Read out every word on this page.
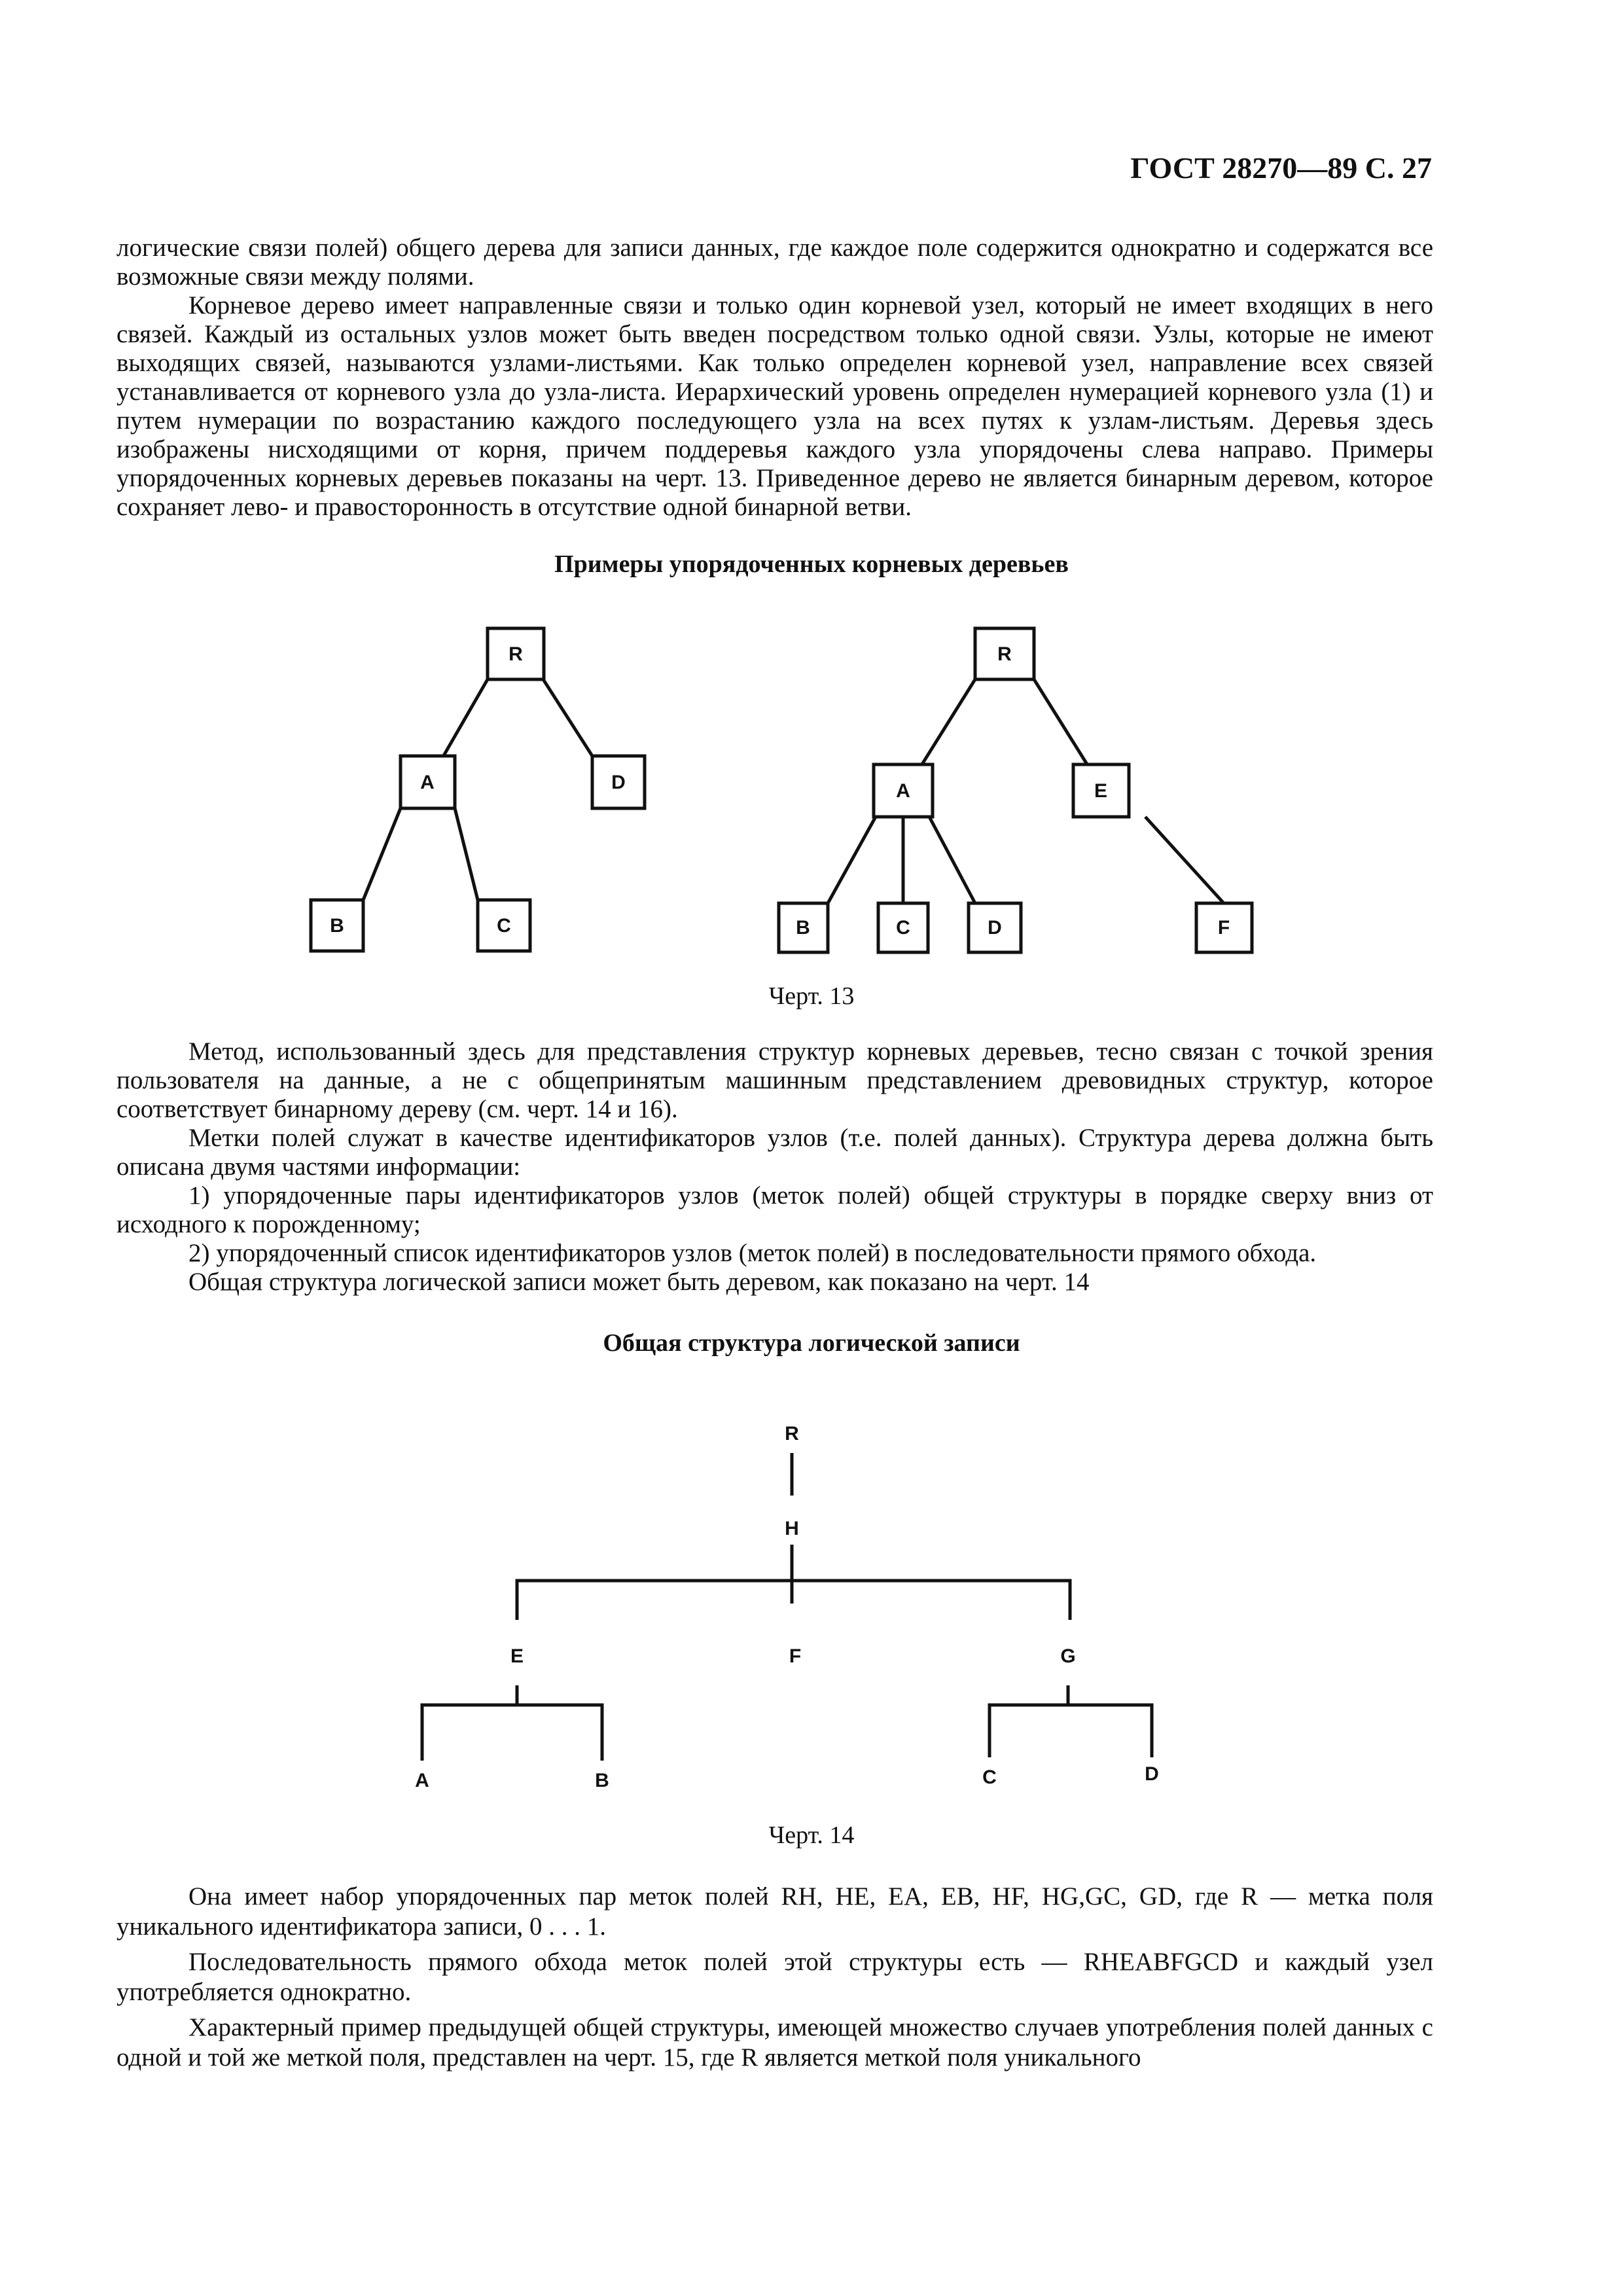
ГОСТ 28270—89 С. 27

логические связи полей) общего дерева для записи данных, где каждое поле содержится однократно и содержатся все возможные связи между полями.

Корневое дерево имеет направленные связи и только один корневой узел, который не имеет входящих в него связей. Каждый из остальных узлов может быть введен посредством только одной связи. Узлы, которые не имеют выходящих связей, называются узлами-листьями. Как только определен корневой узел, направление всех связей устанавливается от корневого узла до узла-листа. Иерархический уровень определен нумерацией корневого узла (1) и путем нумерации по возрастанию каждого последующего узла на всех путях к узлам-листьям. Деревья здесь изображены нисходящими от корня, причем поддеревья каждого узла упорядочены слева направо. Примеры упорядоченных корневых деревьев показаны на черт. 13. Приведенное дерево не является бинарным деревом, которое сохраняет лево- и правосторонность в отсутствие одной бинарной ветви.

Примеры упорядоченных корневых деревьев

R
A	D
B	C
R
A	E
B	C	D	F

Черт. 13

Метод, использованный здесь для представления структур корневых деревьев, тесно связан с точкой зрения пользователя на данные, а не с общепринятым машинным представлением древовидных структур, которое соответствует бинарному дереву (см. черт. 14 и 16).

Метки полей служат в качестве идентификаторов узлов (т.е. полей данных). Структура дерева должна быть описана двумя частями информации:

1) упорядоченные пары идентификаторов узлов (меток полей) общей структуры в порядке сверху вниз от исходного к порожденному;

2) упорядоченный список идентификаторов узлов (меток полей) в последовательности прямого обхода.

Общая структура логической записи может быть деревом, как показано на черт. 14

Общая структура логической записи

R
H
E	F	G
A	B	C	D

Черт. 14

Она имеет набор упорядоченных пар меток полей RH, HE, EA, EB, HF, HG,GC, GD, где R — метка поля уникального идентификатора записи, 0 . . . 1.

Последовательность прямого обхода меток полей этой структуры есть — RHEABFGCD и каждый узел употребляется однократно.

Характерный пример предыдущей общей структуры, имеющей множество случаев употребления полей данных с одной и той же меткой поля, представлен на черт. 15, где R является меткой поля уникального
